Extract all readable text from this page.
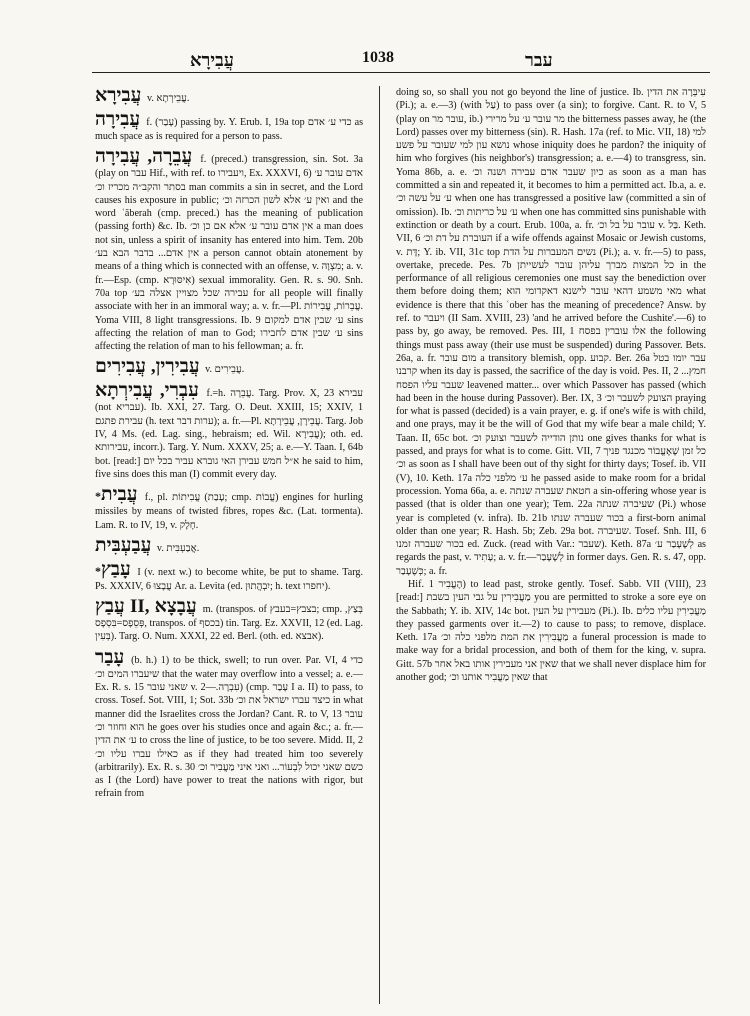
עֲבִירָא	1038	עבר
עֲבִירָא v. עֲבֵירְתָא.
עֲבִירָה f. (עָבַר) passing by. Y. Erub. I, 19a top כדי ע׳ אדם as much space as is required for a person to pass.
עֲבֵרָה, עֲבִירָה f. (preced.) transgression, sin. Sot. 3a (play on עבר Hif., with ref. to ויעבירו, Ex. XXXVI, 6) אדם עובר ע׳ בסתר והקב״ה מכריז וכ׳ man commits a sin in secret, and the Lord causes his exposure in public; ואין ע׳ אלא לשון הכרזה וכ׳ and the word ʿăberah (cmp. preced.) has the meaning of publication (passing forth) &c. Ib. אין אדם עובר ע׳ אלא אם כן וכ׳ a man does not sin, unless a spirit of insanity has entered into him. Tem. 20b אין אדם... בדבר הבא בע׳ a person cannot obtain atonement by means of a thing which is connected with an offense, v. מִצְוָה; a. v. fr.—Esp. (cmp. אִיסּוּרָא) sexual immorality. Gen. R. s. 90. Snh. 70a top עבירה שכל מצויין אצלה בע׳ for all people will finally associate with her in an immoral way; a. v. fr.—Pl. עֲבֵרוֹת, עֲבִירוֹת. Yoma VIII, 8 light transgressions. Ib. 9 ע׳ שבין אדם למקום sins affecting the relation of man to God; ע׳ שבין אדם לחבירו sins affecting the relation of man to his fellowman; a. fr.
עֲבִירִין, עֲבִירִים v. עֲבֵירִים.
עִבְרִי, עֲבִירְתָא f.=h. עֲבֵרָה. Targ. Prov. X, 23 עבירא (not עבריא). Ib. XXI, 27. Targ. O. Deut. XXIII, 15; XXIV, 1 עבירת פתגם (h. text ערות דבר); a. fr.—Pl. עֲבֵירָן, עֲבֵירָתָא. Targ. Job IV, 4 Ms. (ed. Lag. sing., hebraism; ed. Wil. עֲבִירָא); oth. ed. עבירותא, incorr.). Targ. Y. Num. XXXV, 25; a. e.—Y. Taan. I, 64b bot. [read:] א״ל חמש עבירן האי גוברא עביר בכל יום he said to him, five sins does this man (I) commit every day.
*עֲבִית f., pl. עֲבִיתוֹת (עָבַת; cmp. עֲבוֹת) engines for hurling missiles by means of twisted fibres, ropes &c. (Lat. tormenta). Lam. R. to IV, 19, v. חָלָק.
עֲבַעְבִּית v. אֲבַעְבִּית.
*עָבַץ I (v. next w.) to become white, be put to shame. Targ. Ps. XXXIV, 6 עֲבָצוּ Ar. a. Levita (ed. יִבְהֲתוּן; h. text יחפרו).
עֲבַץ II, עֲבָצָא m. (transpos. of בצבץ=בעבץ; cmp. בְּצַץ, פְּסֵפָס=בִּסְפָס, transpos. of בכסף) tin. Targ. Ez. XXVII, 12 (ed. Lag. בְּעִין). Targ. O. Num. XXXI, 22 ed. Berl. (oth. ed. אבצא).
עָבַר (b. h.) 1) to be thick, swell; to run over. Par. VI, 4 כדי שיעברו המים וכ׳ that the water may overflow into a vessel; a. e.—Ex. R. s. 15 שאני עובר v. עִבְרָה.—2) (cmp. עָבַר I a. II) to pass, to cross. Tosef. Sot. VIII, 1; Sot. 33b כיצד עברו ישראל את וכ׳ in what manner did the Israelites cross the Jordan? Cant. R. to V, 13 עובר הוא וחוזר וכ׳ he goes over his studies once and again &c.; a. fr.—ע׳ את הדין to cross the line of justice, to be too severe. Midd. II, 2 כאילו עברו עליו וכ׳ as if they had treated him too severely (arbitrarily). Ex. R. s. 30 כשם שאני יכול לִבְעוֹר... ואני איני מַעֲבִיר וכ׳ as I (the Lord) have power to treat the nations with rigor, but refrain from
doing so, so shall you not go beyond the line of justice. Ib. עִיבְּרָה את הדין (Pi.); a. e.—3) (with עַל) to pass over (a sin); to forgive. Cant. R. to V, 5 (play on עובר מר, ib.) מר עובר ע׳ על מרירי the bitterness passes away, he (the Lord) passes over my bitterness (sin). R. Hash. 17a (ref. to Mic. VII, 18) למי נושא עון למי שעובר על פשע whose iniquity does he pardon? the iniquity of him who forgives (his neighbor's) transgression; a. e.—4) to transgress, sin. Yoma 86b, a. e. כיון שעבר אדם עבירה ושנה וכ׳ as soon as a man has committed a sin and repeated it, it becomes to him a permitted act. Ib.a, a. e. ע׳ על עשה וכ׳ when one has transgressed a positive law (committed a sin of omission). Ib. ע׳ על כריתות וכ׳ when one has committed sins punishable with extinction or death by a court. Erub. 100a, a. fr. עובר על בל וכ׳ v. בַּל. Keth. VII, 6 העוברת על דת וכ׳ if a wife offends against Mosaic or Jewish customs, v. דָּת; Y. ib. VII, 31c top נשים המעברות על הדת (Pi.); a. v. fr.—5) to pass, overtake, precede. Pes. 7b כל המצות מברך עליהן עובר לעשייתן in the performance of all religious ceremonies one must say the benediction over them before doing them; מאי משמע דהאי עובר לישנא דאקדומי הוא what evidence is there that this ʿober has the meaning of precedence? Answ. by ref. to ויעבר (II Sam. XVIII, 23) 'and he arrived before the Cushite'.—6) to pass by, go away, be removed. Pes. III, 1 אלו עוברין בפסח the following things must pass away (their use must be suspended) during Passover. Bets. 26a, a. fr. מום עובר a transitory blemish, opp. קבוע. Ber. 26a עבר יומו בטל קרבנו when its day is passed, the sacrifice of the day is void. Pes. II, 2 חמץ... שעבר עליו הפסח leavened matter... over which Passover has passed (which had been in the house during Passover). Ber. IX, 3 הצועק לשעבר וכ׳ praying for what is passed (decided) is a vain prayer, e. g. if one's wife is with child, and one prays, may it be the will of God that my wife bear a male child; Y. Taan. II, 65c bot. נותן הודייה לשעבר וצועק וכ׳ one gives thanks for what is passed, and prays for what is to come. Gitt. VII, 7 כל זמן שֶׁאֶעֱבוֹר מכנגד פניך וכ׳ as soon as I shall have been out of thy sight for thirty days; Tosef. ib. VII (V), 10. Keth. 17a ע׳ מלפני כלה he passed aside to make room for a bridal procession. Yoma 66a, a. e. חטאת שעברה שנתה a sin-offering whose year is passed (that is older than one year); Tem. 22a שעיברה שנתה (Pi.) whose year is completed (v. infra). Ib. 21b בכור שעברה שנתו a first-born animal older than one year; R. Hash. 5b; Zeb. 29a bot. שעיברה. Tosef. Snh. III, 6 בכור שעברה זמנו ed. Zuck. (read with Var.: שעבר). Keth. 87a לְשֶׁעָבַר ע׳ as regards the past, v. עָתִיד; a. v. fr.—לְשֶׁעָבַר in former days. Gen. R. s. 47, opp. כְּשֶׁעָבַר; a. fr.
Hif. הֶעֱבִיר 1) to lead past, stroke gently. Tosef. Sabb. VII (VIII), 23 [read:] מַעֲבִירִין על גבי העין בשבת you are permitted to stroke a sore eye on the Sabbath; Y. ib. XIV, 14c bot. מעבירין על העין (Pi.). Ib. מַעֲבִירִין עליו כלים they passed garments over it.—2) to cause to pass; to remove, displace. Keth. 17a מַעֲבִירִין את המת מלפני כלה וכ׳ a funeral procession is made to make way for a bridal procession, and both of them for the king, v. supra. Gitt. 57b שאין אני מעבירין אותו באל אחר that we shall never displace him for another god; שאין מַעֲבִיר אותנו וכ׳ that
